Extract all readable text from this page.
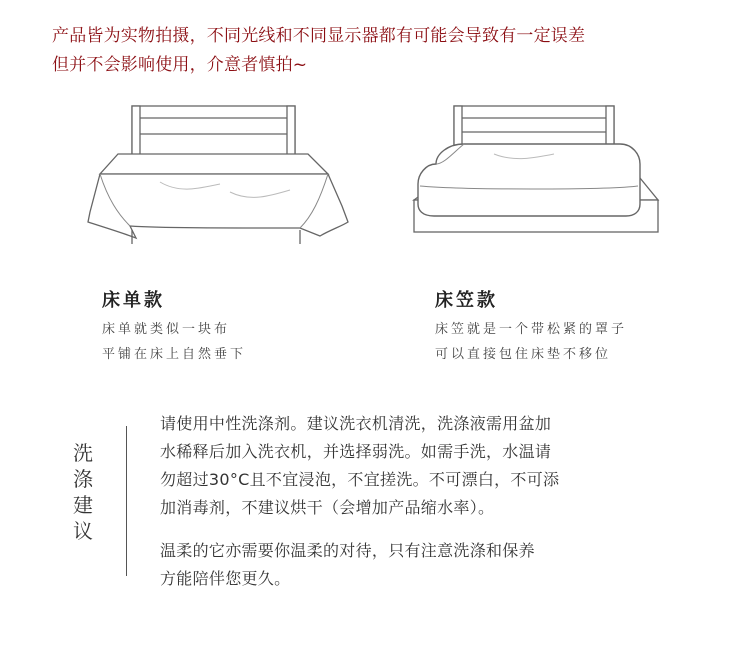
产品皆为实物拍摄，不同光线和不同显示器都有可能会导致有一定误差
但并不会影响使用，介意者慎拍~
床单款
床单就类似一块布
平铺在床上自然垂下
床笠款
床笠就是一个带松紧的罩子
可以直接包住床垫不移位
洗
涤
建
议
请使用中性洗涤剂。建议洗衣机清洗，洗涤液需用盆加
水稀释后加入洗衣机，并选择弱洗。如需手洗，水温请
勿超过30°C且不宜浸泡，不宜搓洗。不可漂白，不可添
加消毒剂，不建议烘干（会增加产品缩水率）。
温柔的它亦需要你温柔的对待，只有注意洗涤和保养
方能陪伴您更久。
